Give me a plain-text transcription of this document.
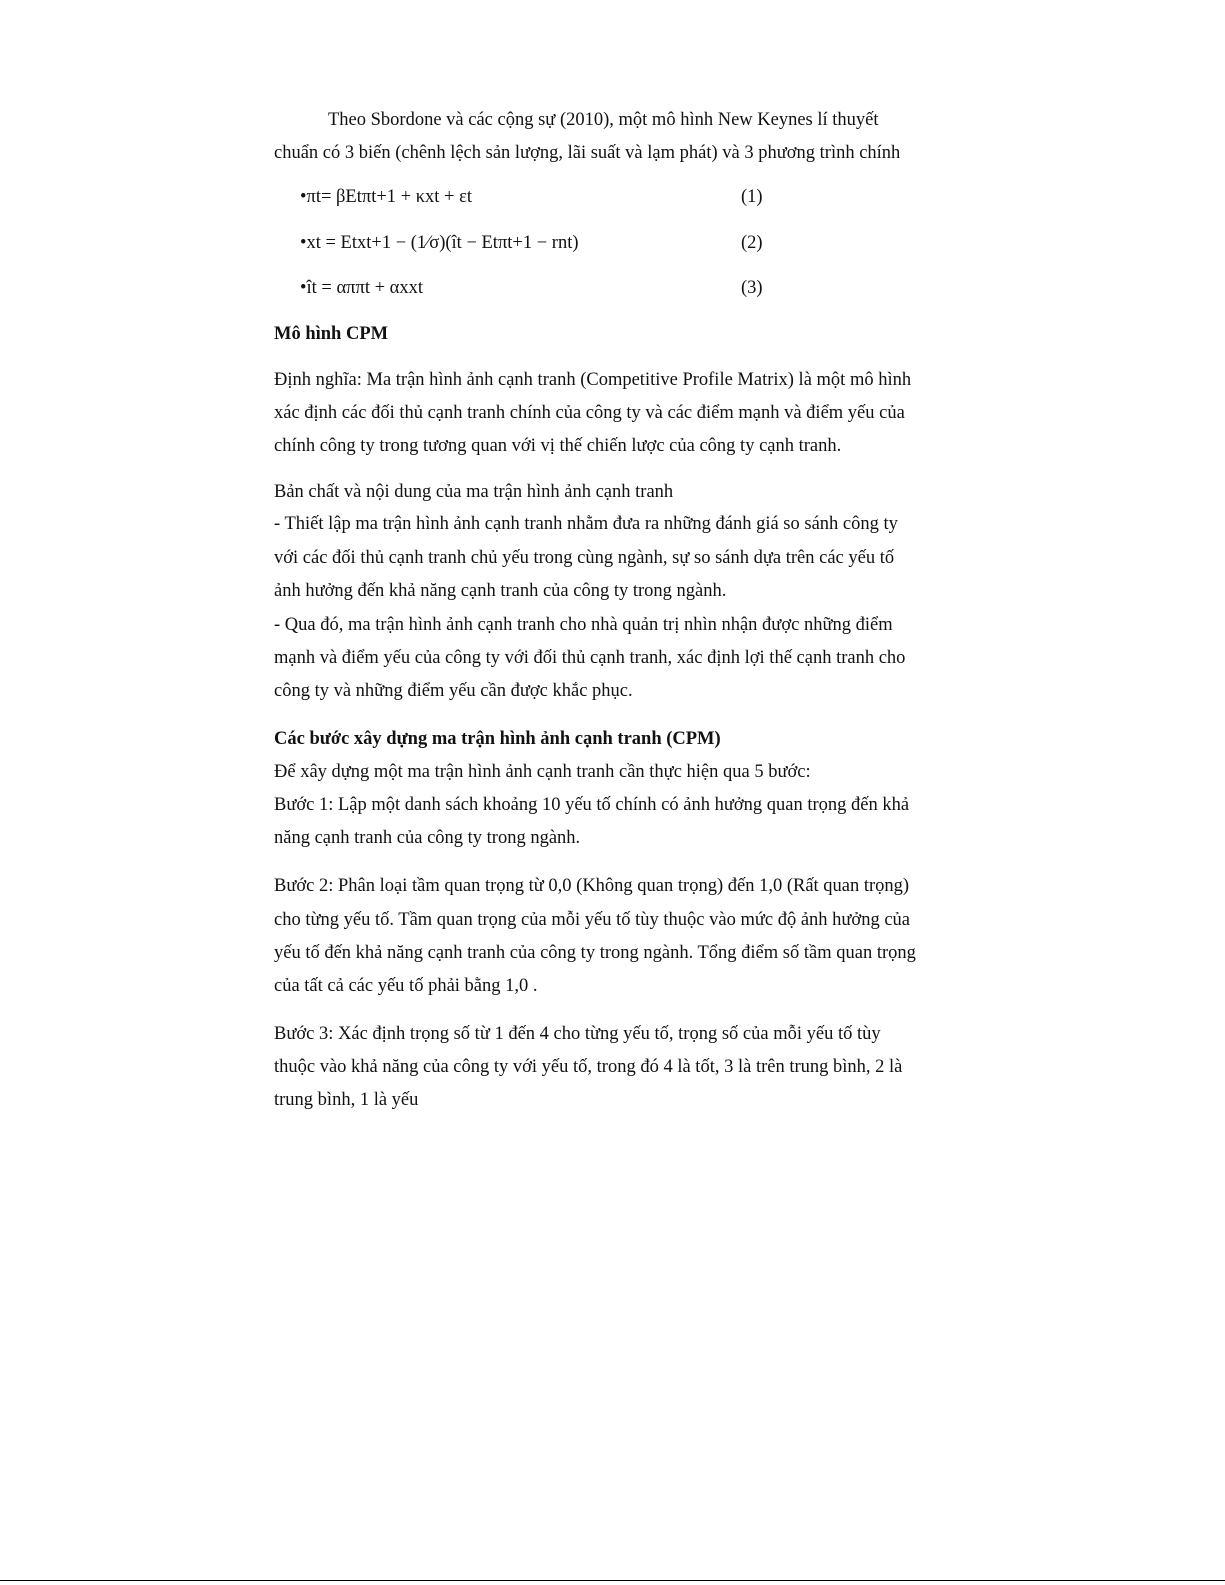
Theo Sbordone và các cộng sự (2010), một mô hình New Keynes lí thuyết

chuẩn có 3 biến (chênh lệch sản lượng, lãi suất và lạm phát) và 3 phương trình chính

•πt= βEtπt+1 + κxt + εt	(1)
•xt = Etxt+1 − (1⁄σ)(ît − Etπt+1 − rnt)	(2)
•ît = αππt + αxxt	(3)

Mô hình CPM

Định nghĩa: Ma trận hình ảnh cạnh tranh (Competitive Profile Matrix) là một mô hình

xác định các đối thủ cạnh tranh chính của công ty và các điểm mạnh và điểm yếu của

chính công ty trong tương quan với vị thế chiến lược của công ty cạnh tranh.

Bản chất và nội dung của ma trận hình ảnh cạnh tranh

- Thiết lập ma trận hình ảnh cạnh tranh nhằm đưa ra những đánh giá so sánh công ty

với các đối thủ cạnh tranh chủ yếu trong cùng ngành, sự so sánh dựa trên các yếu tố

ảnh hưởng đến khả năng cạnh tranh của công ty trong ngành.

- Qua đó, ma trận hình ảnh cạnh tranh cho nhà quản trị nhìn nhận được những điểm

mạnh và điểm yếu của công ty với đối thủ cạnh tranh, xác định lợi thế cạnh tranh cho

công ty và những điểm yếu cần được khắc phục.

Các bước xây dựng ma trận hình ảnh cạnh tranh (CPM)

Để xây dựng một ma trận hình ảnh cạnh tranh cần thực hiện qua 5 bước:

Bước 1: Lập một danh sách khoảng 10 yếu tố chính có ảnh hưởng quan trọng đến khả

năng cạnh tranh của công ty trong ngành.

Bước 2: Phân loại tầm quan trọng từ 0,0 (Không quan trọng) đến 1,0 (Rất quan trọng)

cho từng yếu tố. Tầm quan trọng của mỗi yếu tố tùy thuộc vào mức độ ảnh hưởng của

yếu tố đến khả năng cạnh tranh của công ty trong ngành. Tổng điểm số tầm quan trọng

của tất cả các yếu tố phải bằng 1,0 .

Bước 3: Xác định trọng số từ 1 đến 4 cho từng yếu tố, trọng số của mỗi yếu tố tùy

thuộc vào khả năng của công ty với yếu tố, trong đó 4 là tốt, 3 là trên trung bình, 2 là

trung bình, 1 là yếu
